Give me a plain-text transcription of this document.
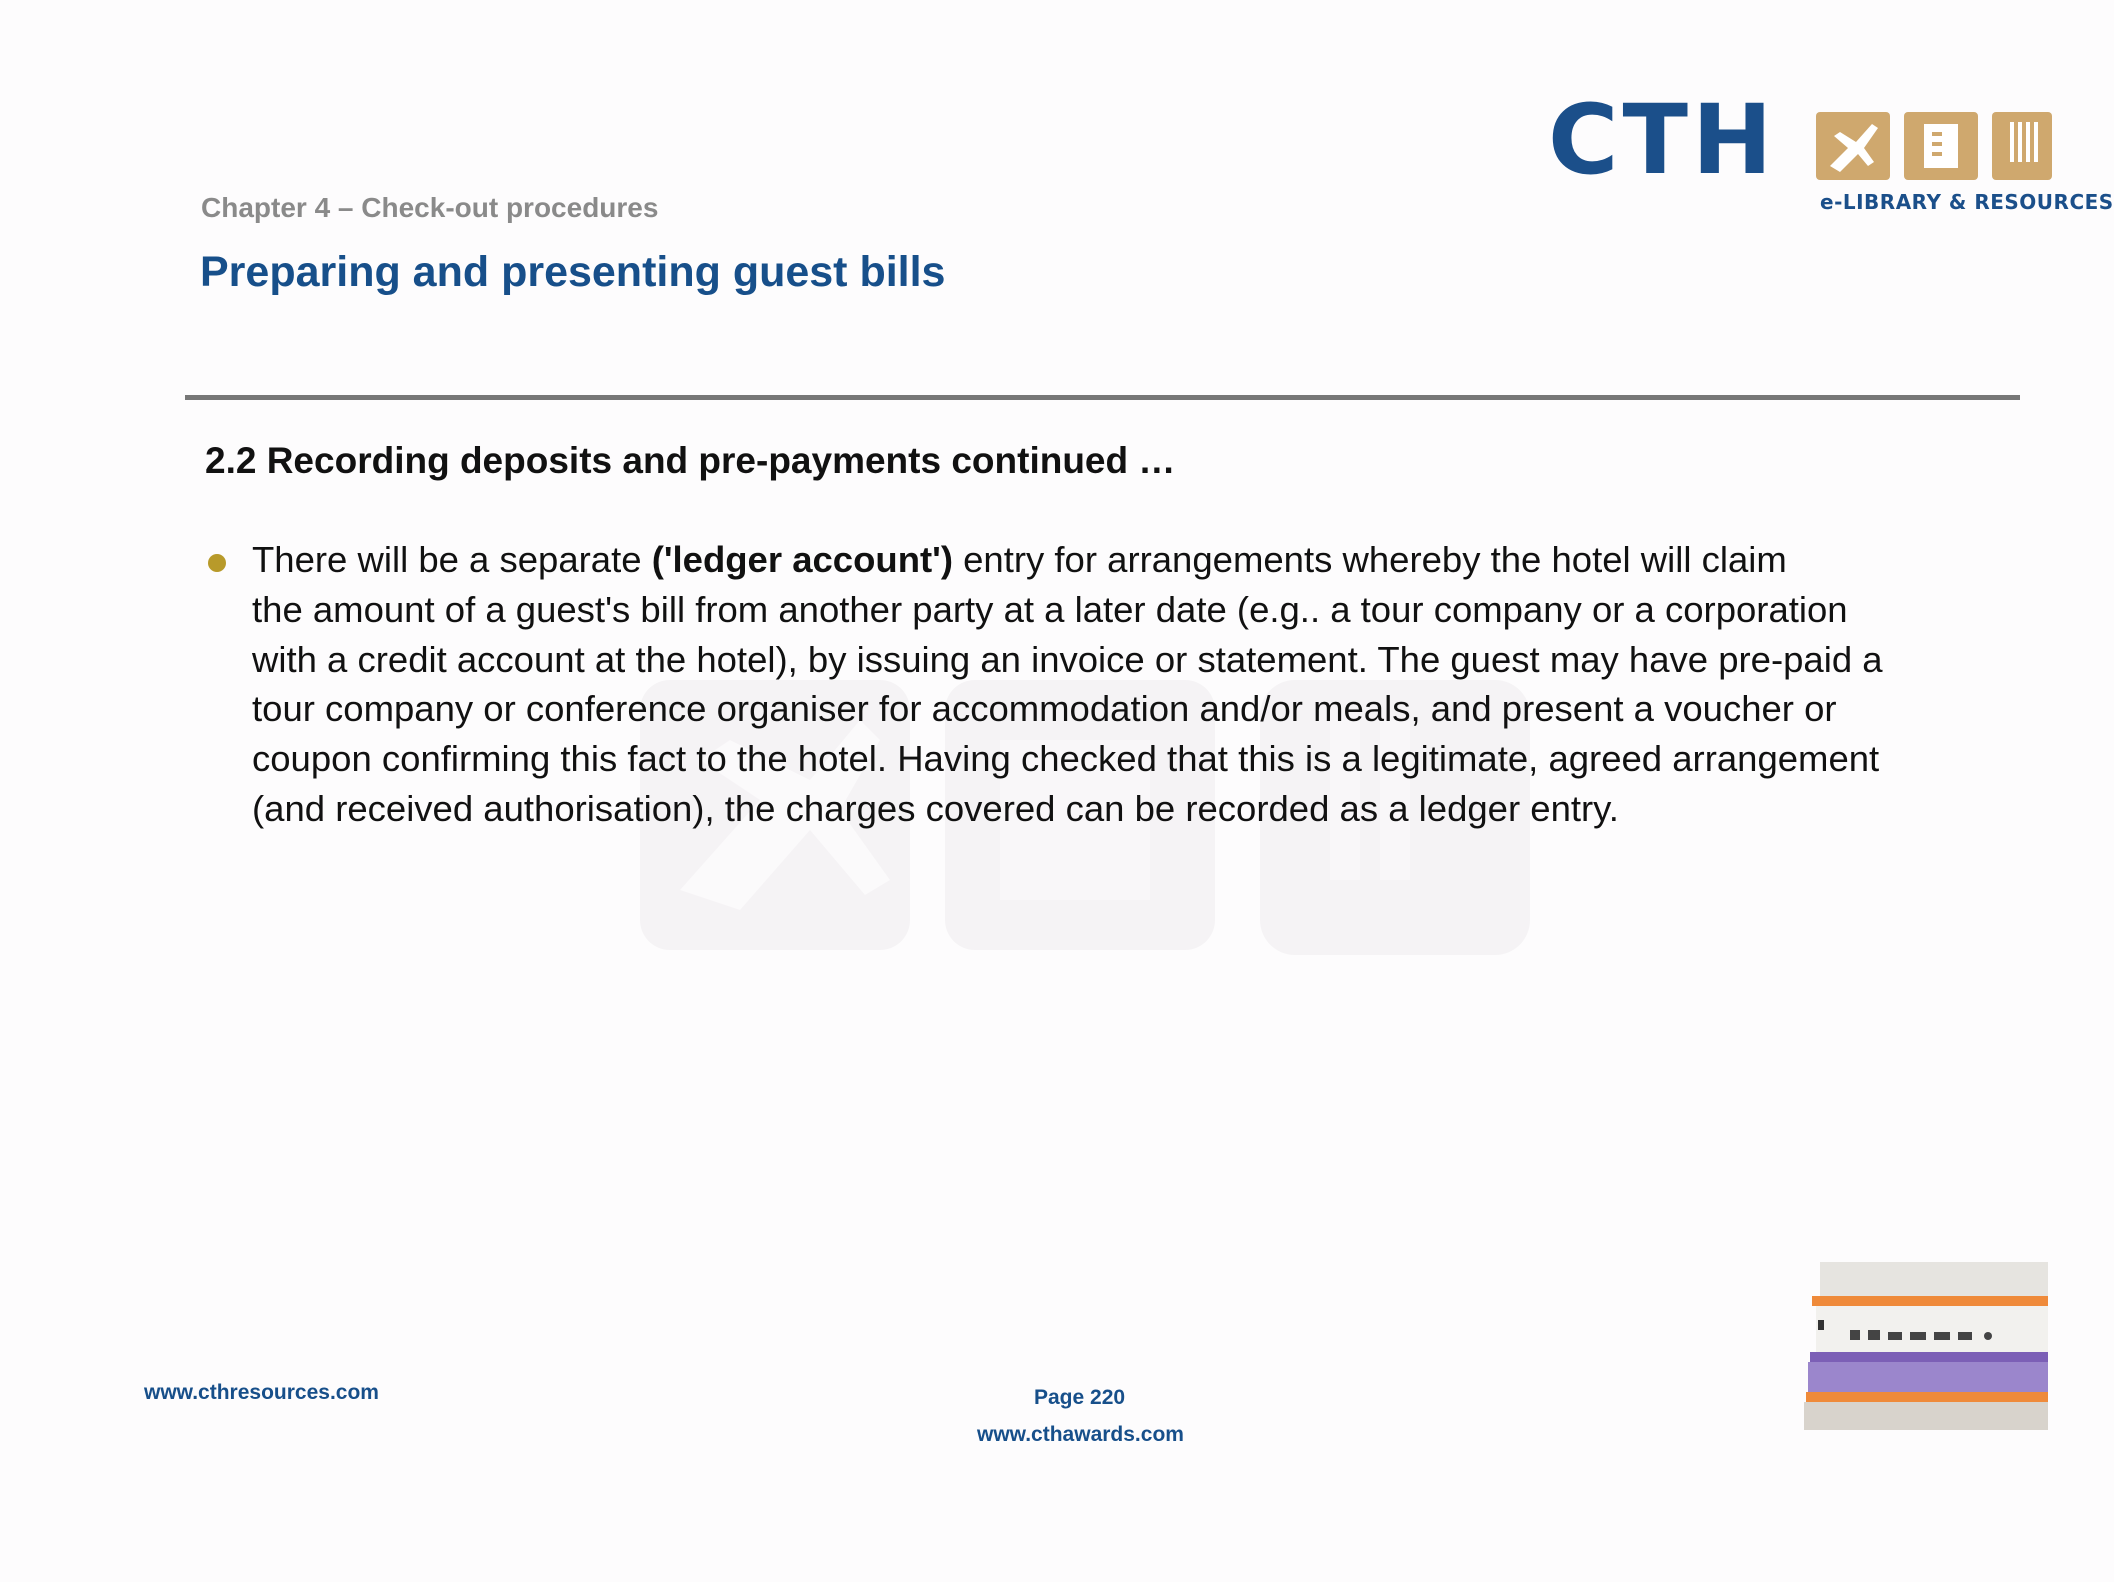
CTH
e-LIBRARY & RESOURCES
Chapter 4 – Check-out procedures
Preparing and presenting guest bills
2.2 Recording deposits and pre-payments continued …
There will be a separate ('ledger account') entry for arrangements whereby the hotel will claim
the amount of a guest's bill from another party at a later date (e.g.. a tour company or a corporation
with a credit account at the hotel), by issuing an invoice or statement. The guest may have pre-paid a
tour company or conference organiser for accommodation and/or meals, and present a voucher or
coupon confirming this fact to the hotel. Having checked that this is a legitimate, agreed arrangement
(and received authorisation), the charges covered can be recorded as a ledger entry.
www.cthresources.com	Page 220
www.cthawards.com
